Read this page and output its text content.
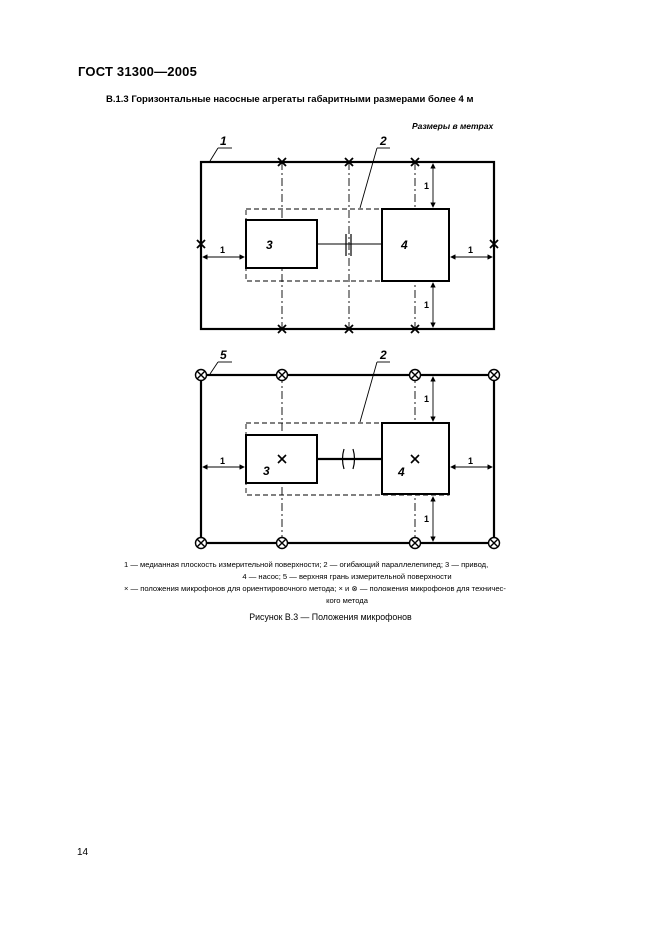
ГОСТ 31300—2005
В.1.3 Горизонтальные насосные агрегаты габаритными размерами более 4 м
Размеры в метрах
1	2
3	4
5	2
3	4
1	1
1
1
1	1
1
1
1 — медианная плоскость измерительной поверхности; 2 — огибающий параллелепипед; 3 — привод,
4 — насос; 5 — верхняя грань измерительной поверхности
× — положения микрофонов для ориентировочного метода; × и ⊗ — положения микрофонов для техничес-
кого метода
Рисунок В.3 — Положения микрофонов
14
